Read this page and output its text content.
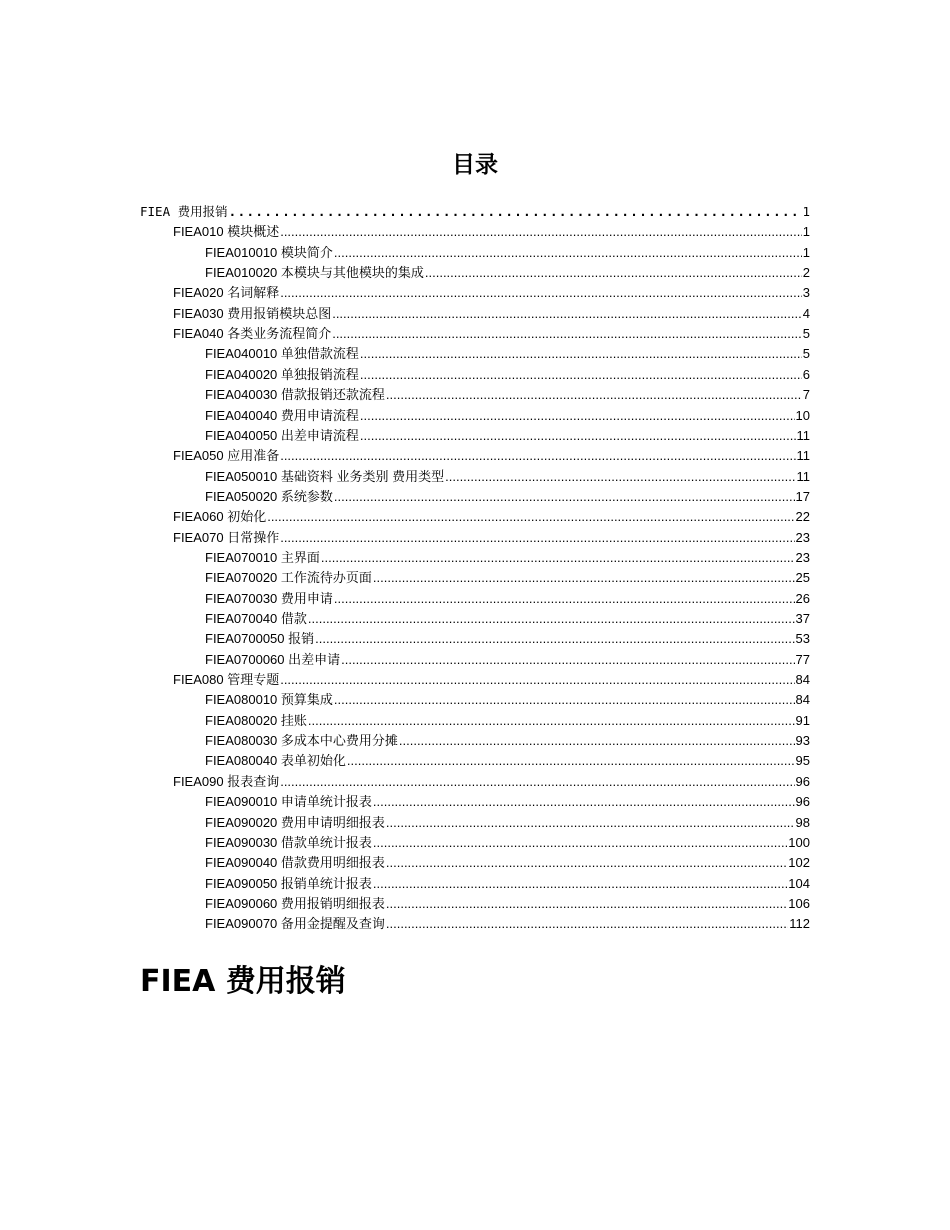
目录
FIEA 费用报销 .....	1
FIEA010 模块概述 .....	1
FIEA010010 模块简介 .....	1
FIEA010020 本模块与其他模块的集成 .....	2
FIEA020 名词解释 .....	3
FIEA030 费用报销模块总图 .....	4
FIEA040 各类业务流程简介 .....	5
FIEA040010 单独借款流程 .....	5
FIEA040020 单独报销流程 .....	6
FIEA040030 借款报销还款流程 .....	7
FIEA040040 费用申请流程 .....	10
FIEA040050 出差申请流程 .....	11
FIEA050 应用准备 .....	11
FIEA050010 基础资料 业务类别 费用类型 .....	11
FIEA050020 系统参数 .....	17
FIEA060 初始化 .....	22
FIEA070 日常操作 .....	23
FIEA070010 主界面 .....	23
FIEA070020 工作流待办页面 .....	25
FIEA070030 费用申请 .....	26
FIEA070040 借款 .....	37
FIEA0700050 报销 .....	53
FIEA0700060 出差申请 .....	77
FIEA080 管理专题 .....	84
FIEA080010 预算集成 .....	84
FIEA080020 挂账 .....	91
FIEA080030 多成本中心费用分摊 .....	93
FIEA080040 表单初始化 .....	95
FIEA090 报表查询 .....	96
FIEA090010 申请单统计报表 .....	96
FIEA090020 费用申请明细报表 .....	98
FIEA090030 借款单统计报表 .....	100
FIEA090040 借款费用明细报表 .....	102
FIEA090050 报销单统计报表 .....	104
FIEA090060 费用报销明细报表 .....	106
FIEA090070 备用金提醒及查询 .....	112
FIEA 费用报销
